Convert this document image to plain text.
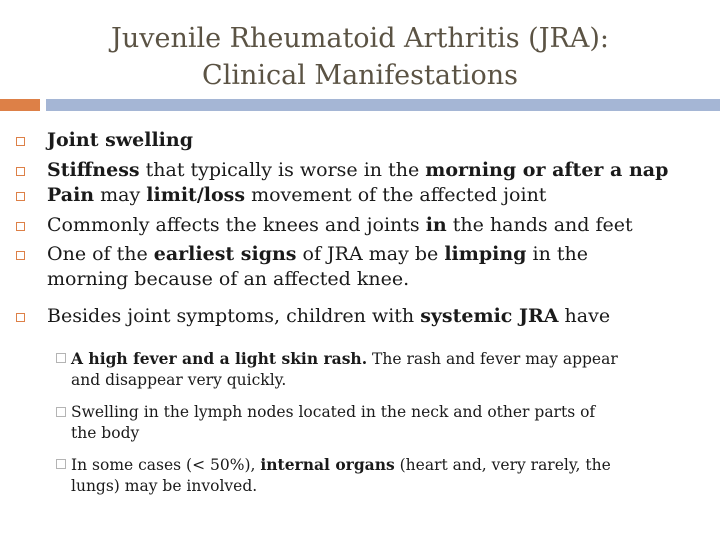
Juvenile Rheumatoid Arthritis (JRA):
Clinical Manifestations
Joint swelling
Stiffness that typically is worse in the morning or after a nap
Pain may limit/loss movement of the affected joint
Commonly affects the knees and joints in the hands and feet
One of the earliest signs of JRA may be limping in the
morning because of an affected knee.
Besides joint symptoms, children with systemic JRA have
A high fever and a light skin rash. The rash and fever may appear
and disappear very quickly.
Swelling in the lymph nodes located in the neck and other parts of
the body
In some cases (< 50%), internal organs (heart and, very rarely, the
lungs) may be involved.
